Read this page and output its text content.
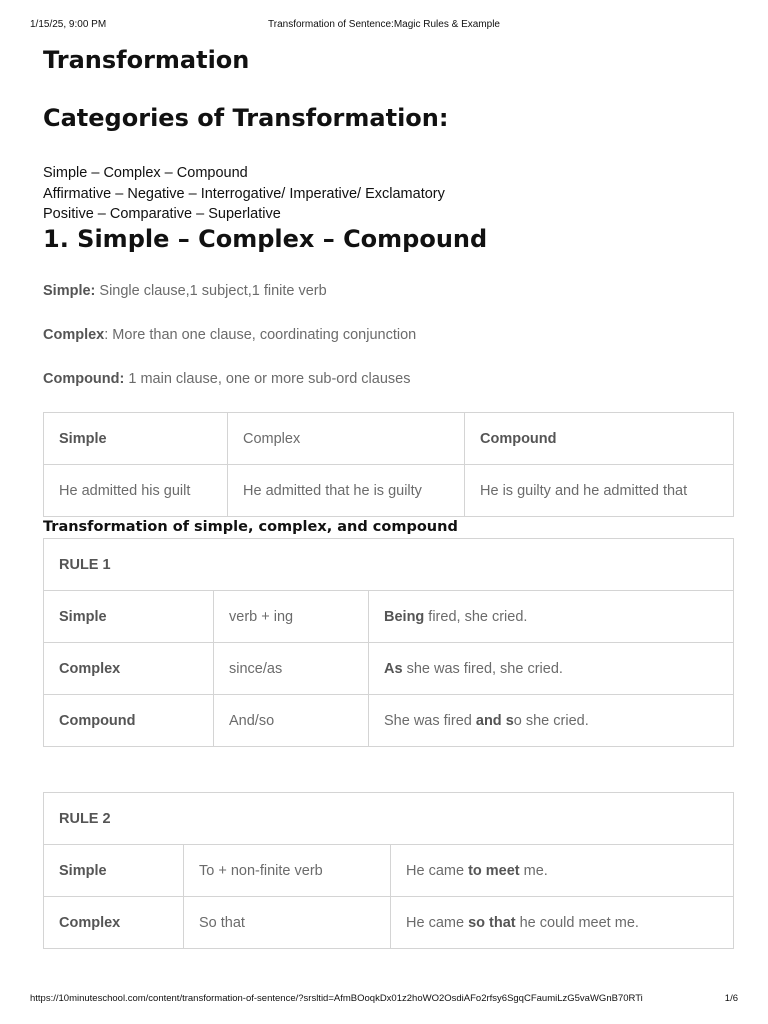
1/15/25, 9:00 PM	Transformation of Sentence:Magic Rules & Example
Transformation
Categories of Transformation:
Simple – Complex – Compound
Affirmative – Negative – Interrogative/ Imperative/ Exclamatory
Positive – Comparative – Superlative
1. Simple – Complex – Compound
Simple: Single clause,1 subject,1 finite verb
Complex: More than one clause, coordinating conjunction
Compound: 1 main clause, one or more sub-ord clauses
Simple	Complex	Compound
He admitted his guilt	He admitted that he is guilty	He is guilty and he admitted that
Transformation of simple, complex, and compound
RULE 1		
Simple	verb + ing	Being fired, she cried.
Complex	since/as	As she was fired, she cried.
Compound	And/so	She was fired and so she cried.
RULE 2		
Simple	To + non-finite verb	He came to meet me.
Complex	So that	He came so that he could meet me.
https://10minuteschool.com/content/transformation-of-sentence/?srsltid=AfmBOoqkDx01z2hoWO2OsdiAFo2rfsy6SgqCFaumiLzG5vaWGnB70RTi	1/6
